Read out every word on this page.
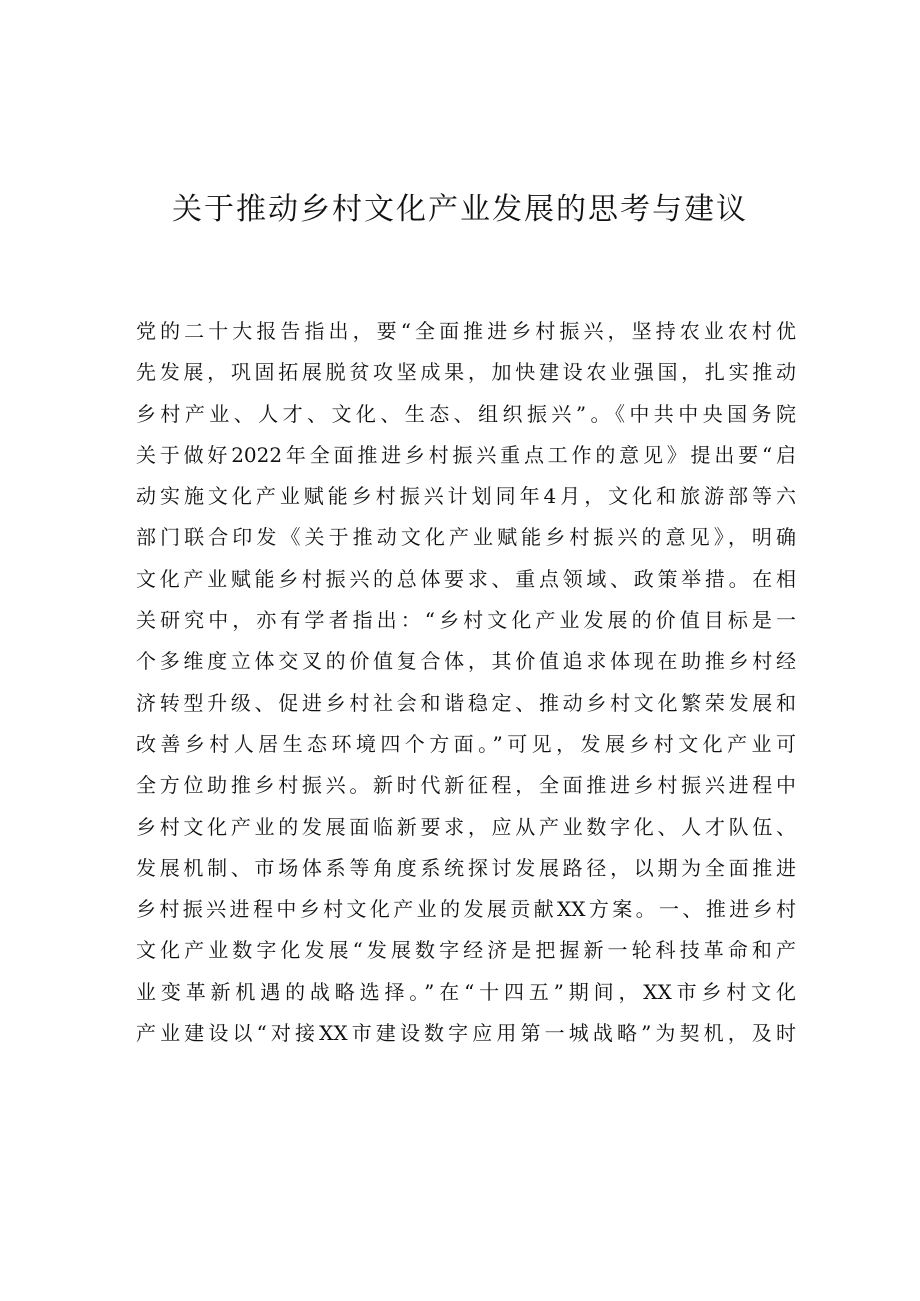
关于推动乡村文化产业发展的思考与建议
党的二十大报告指出，要“全面推进乡村振兴，坚持农业农村优
先发展，巩固拓展脱贫攻坚成果，加快建设农业强国，扎实推动
乡村产业、人才、文化、生态、组织振兴”。《中共中央国务院
关于做好2022年全面推进乡村振兴重点工作的意见》提出要“启
动实施文化产业赋能乡村振兴计划同年4月，文化和旅游部等六
部门联合印发《关于推动文化产业赋能乡村振兴的意见》，明确
文化产业赋能乡村振兴的总体要求、重点领域、政策举措。在相
关研究中，亦有学者指出：“乡村文化产业发展的价值目标是一
个多维度立体交叉的价值复合体，其价值追求体现在助推乡村经
济转型升级、促进乡村社会和谐稳定、推动乡村文化繁荣发展和
改善乡村人居生态环境四个方面。”可见，发展乡村文化产业可
全方位助推乡村振兴。新时代新征程，全面推进乡村振兴进程中
乡村文化产业的发展面临新要求，应从产业数字化、人才队伍、
发展机制、市场体系等角度系统探讨发展路径，以期为全面推进
乡村振兴进程中乡村文化产业的发展贡献XX方案。一、推进乡村
文化产业数字化发展“发展数字经济是把握新一轮科技革命和产
业变革新机遇的战略选择。”在“十四五”期间，XX市乡村文化
产业建设以“对接XX市建设数字应用第一城战略”为契机，及时
